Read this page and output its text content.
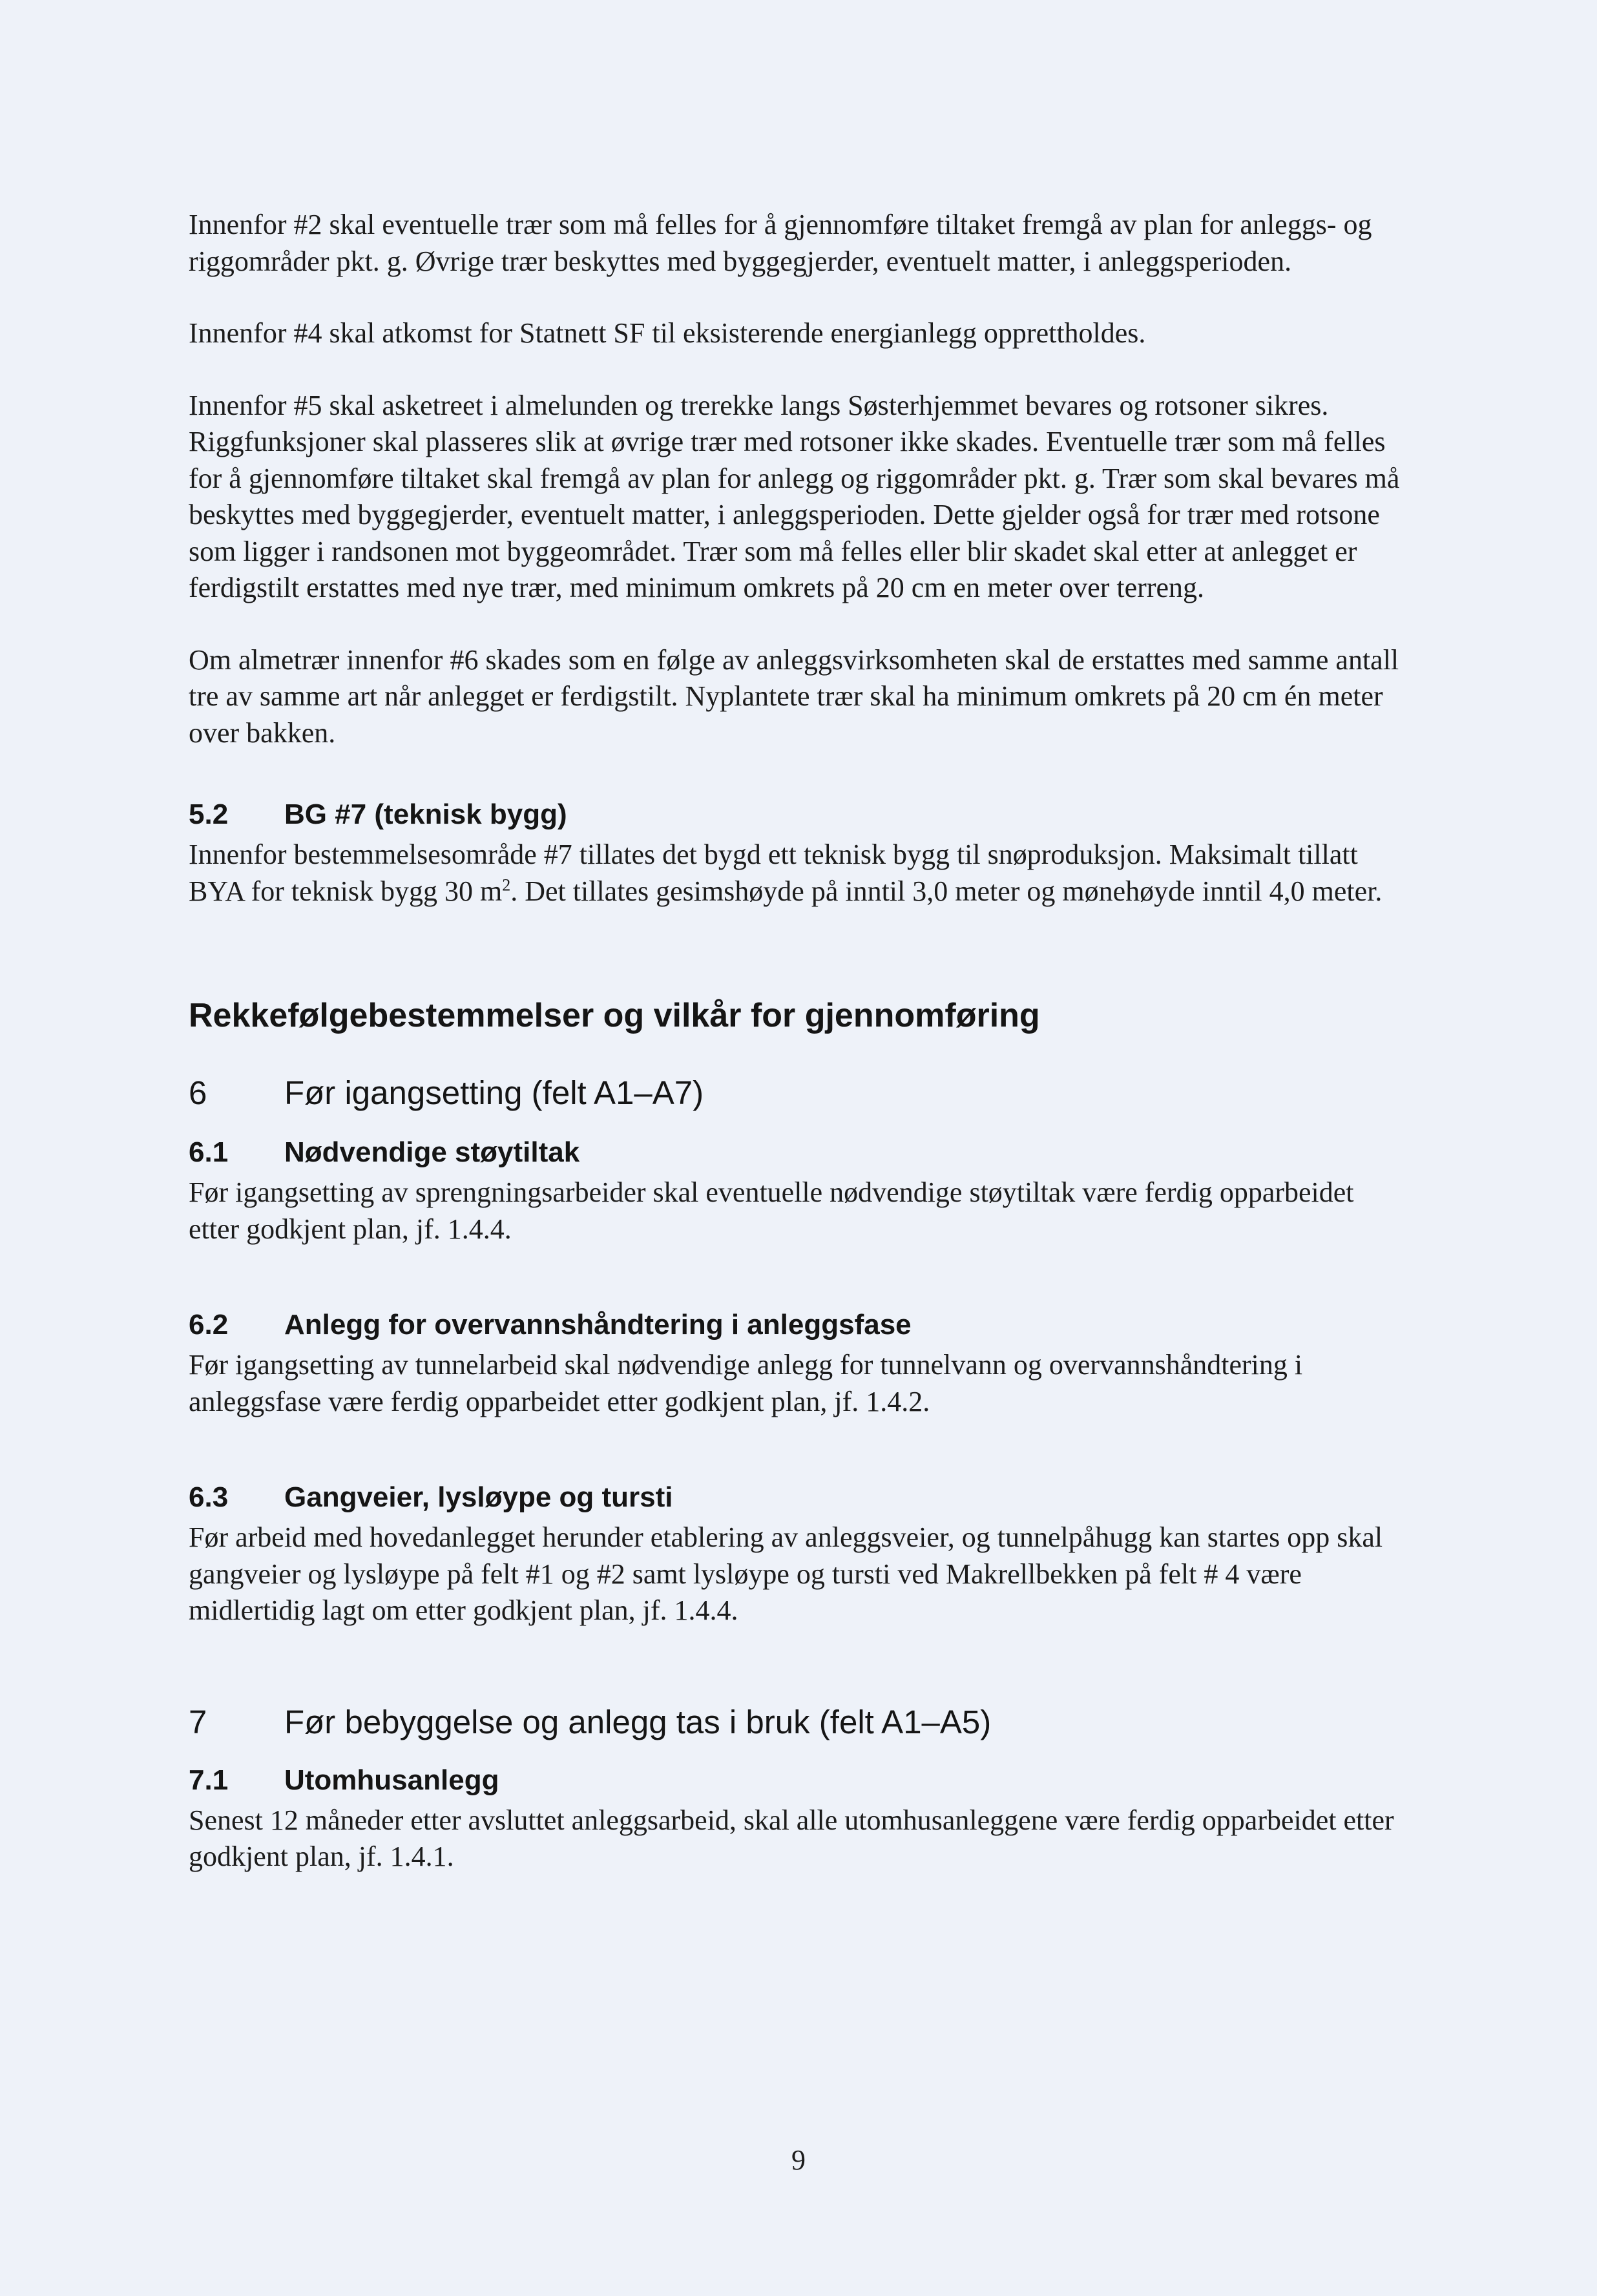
Innenfor #2 skal eventuelle trær som må felles for å gjennomføre tiltaket fremgå av plan for anleggs- og riggområder pkt. g. Øvrige trær beskyttes med byggegjerder, eventuelt matter, i anleggsperioden.

Innenfor #4 skal atkomst for Statnett SF til eksisterende energianlegg opprettholdes.

Innenfor #5 skal asketreet i almelunden og trerekke langs Søsterhjemmet bevares og rotsoner sikres. Riggfunksjoner skal plasseres slik at øvrige trær med rotsoner ikke skades. Eventuelle trær som må felles for å gjennomføre tiltaket skal fremgå av plan for anlegg og riggområder pkt. g. Trær som skal bevares må beskyttes med byggegjerder, eventuelt matter, i anleggsperioden. Dette gjelder også for trær med rotsone som ligger i randsonen mot byggeområdet. Trær som må felles eller blir skadet skal etter at anlegget er ferdigstilt erstattes med nye trær, med minimum omkrets på 20 cm en meter over terreng.

Om almetrær innenfor #6 skades som en følge av anleggsvirksomheten skal de erstattes med samme antall tre av samme art når anlegget er ferdigstilt. Nyplantete trær skal ha minimum omkrets på 20 cm én meter over bakken.

5.2	BG #7 (teknisk bygg)

Innenfor bestemmelsesområde #7 tillates det bygd ett teknisk bygg til snøproduksjon. Maksimalt tillatt BYA for teknisk bygg 30 $m^2$. Det tillates gesimshøyde på inntil 3,0 meter og mønehøyde inntil 4,0 meter.

Rekkefølgebestemmelser og vilkår for gjennomføring
6	Før igangsetting (felt A1–A7)
6.1	Nødvendige støytiltak

Før igangsetting av sprengningsarbeider skal eventuelle nødvendige støytiltak være ferdig opparbeidet etter godkjent plan, jf. 1.4.4.

6.2	Anlegg for overvannshåndtering i anleggsfase

Før igangsetting av tunnelarbeid skal nødvendige anlegg for tunnelvann og overvannshåndtering i anleggsfase være ferdig opparbeidet etter godkjent plan, jf. 1.4.2.

6.3	Gangveier, lysløype og tursti

Før arbeid med hovedanlegget herunder etablering av anleggsveier, og tunnelpåhugg kan startes opp skal gangveier og lysløype på felt #1 og #2 samt lysløype og tursti ved Makrellbekken på felt # 4 være midlertidig lagt om etter godkjent plan, jf. 1.4.4.

7	Før bebyggelse og anlegg tas i bruk (felt A1–A5)
7.1	Utomhusanlegg

Senest 12 måneder etter avsluttet anleggsarbeid, skal alle utomhusanleggene være ferdig opparbeidet etter godkjent plan, jf. 1.4.1.

9
